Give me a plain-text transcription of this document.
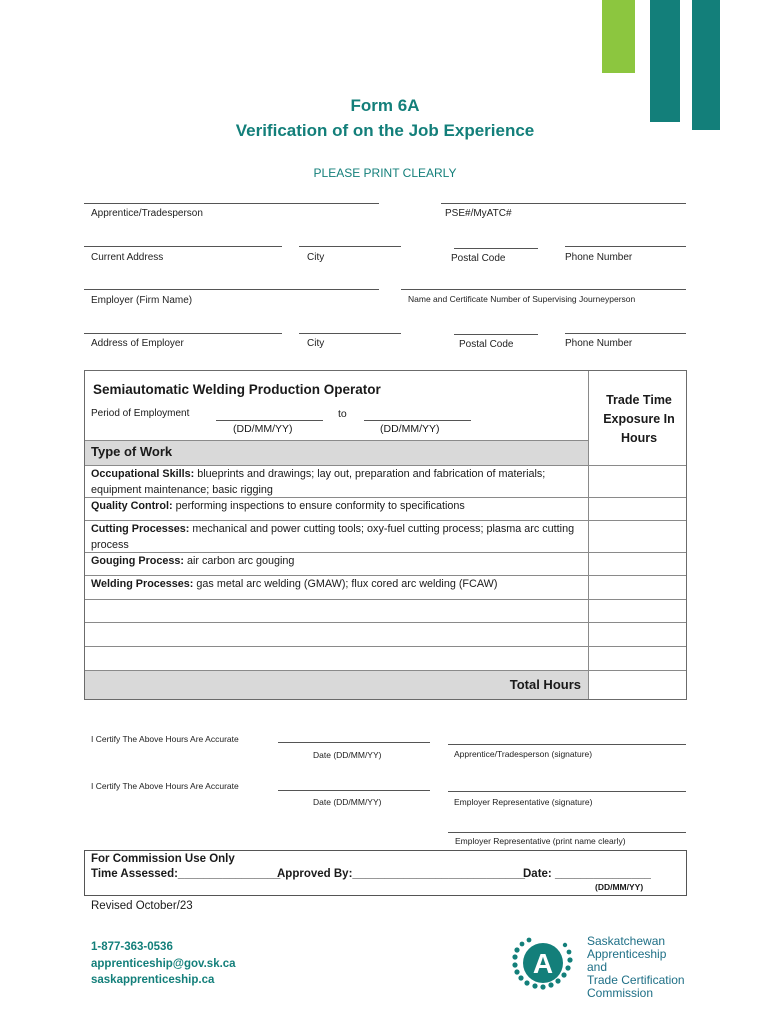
Form 6A
Verification of on the Job Experience
PLEASE PRINT CLEARLY
Apprentice/Tradesperson	PSE#/MyATC#
Current Address	City	Postal Code	Phone Number
Employer (Firm Name)	Name and Certificate Number of Supervising Journeyperson
Address of Employer	City	Postal Code	Phone Number
Semiautomatic Welding Production Operator
Period of Employment	to
(DD/MM/YY)	(DD/MM/YY)
Type of Work
Trade Time Exposure In Hours
Occupational Skills: blueprints and drawings; lay out, preparation and fabrication of materials; equipment maintenance; basic rigging
Quality Control: performing inspections to ensure conformity to specifications
Cutting Processes: mechanical and power cutting tools; oxy-fuel cutting process; plasma arc cutting process
Gouging Process: air carbon arc gouging
Welding Processes: gas metal arc welding (GMAW); flux cored arc welding (FCAW)
Total Hours
I Certify The Above Hours Are Accurate
Date (DD/MM/YY)	Apprentice/Tradesperson (signature)
I Certify The Above Hours Are Accurate
Date (DD/MM/YY)	Employer Representative (signature)
Employer Representative (print name clearly)
For Commission Use Only
Time Assessed:________________
Approved By:___________________________
Date: _______________
(DD/MM/YY)
Revised October/23
1-877-363-0536
apprenticeship@gov.sk.ca
saskapprenticeship.ca
A
Saskatchewan
Apprenticeship and
Trade Certification
Commission
